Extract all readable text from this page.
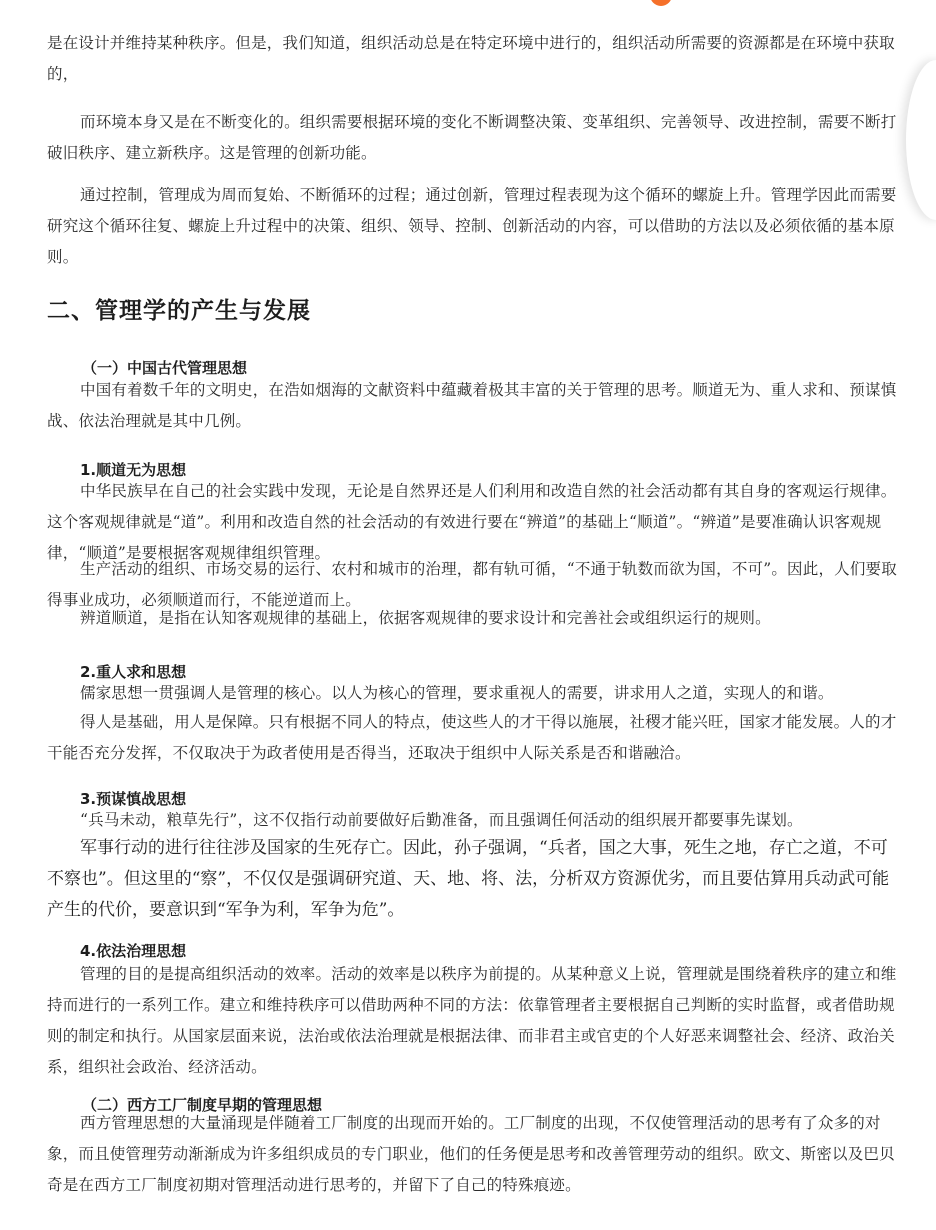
是在设计并维持某种秩序。但是，我们知道，组织活动总是在特定环境中进行的，组织活动所需要的资源都是在环境中获取的，

而环境本身又是在不断变化的。组织需要根据环境的变化不断调整决策、变革组织、完善领导、改进控制，需要不断打破旧秩序、建立新秩序。这是管理的创新功能。

通过控制，管理成为周而复始、不断循环的过程；通过创新，管理过程表现为这个循环的螺旋上升。管理学因此而需要研究这个循环往复、螺旋上升过程中的决策、组织、领导、控制、创新活动的内容，可以借助的方法以及必须依循的基本原则。

二、管理学的产生与发展
（一）中国古代管理思想

中国有着数千年的文明史，在浩如烟海的文献资料中蕴藏着极其丰富的关于管理的思考。顺道无为、重人求和、预谋慎战、依法治理就是其中几例。

1.顺道无为思想

中华民族早在自己的社会实践中发现，无论是自然界还是人们利用和改造自然的社会活动都有其自身的客观运行规律。这个客观规律就是“道”。利用和改造自然的社会活动的有效进行要在“辨道”的基础上“顺道”。“辨道”是要准确认识客观规律，“顺道”是要根据客观规律组织管理。

生产活动的组织、市场交易的运行、农村和城市的治理，都有轨可循，“不通于轨数而欲为国，不可”。因此，人们要取得事业成功，必须顺道而行，不能逆道而上。

辨道顺道，是指在认知客观规律的基础上，依据客观规律的要求设计和完善社会或组织运行的规则。

2.重人求和思想

儒家思想一贯强调人是管理的核心。以人为核心的管理，要求重视人的需要，讲求用人之道，实现人的和谐。

得人是基础，用人是保障。只有根据不同人的特点，使这些人的才干得以施展，社稷才能兴旺，国家才能发展。人的才干能否充分发挥，不仅取决于为政者使用是否得当，还取决于组织中人际关系是否和谐融洽。

3.预谋慎战思想

“兵马未动，粮草先行”，这不仅指行动前要做好后勤准备，而且强调任何活动的组织展开都要事先谋划。

军事行动的进行往往涉及国家的生死存亡。因此，孙子强调，“兵者，国之大事，死生之地，存亡之道，不可不察也”。但这里的“察”，不仅仅是强调研究道、天、地、将、法，分析双方资源优劣，而且要估算用兵动武可能产生的代价，要意识到“军争为利，军争为危”。

4.依法治理思想

管理的目的是提高组织活动的效率。活动的效率是以秩序为前提的。从某种意义上说，管理就是围绕着秩序的建立和维持而进行的一系列工作。建立和维持秩序可以借助两种不同的方法：依靠管理者主要根据自己判断的实时监督，或者借助规则的制定和执行。从国家层面来说，法治或依法治理就是根据法律、而非君主或官吏的个人好恶来调整社会、经济、政治关系，组织社会政治、经济活动。

（二）西方工厂制度早期的管理思想

西方管理思想的大量涌现是伴随着工厂制度的出现而开始的。工厂制度的出现，不仅使管理活动的思考有了众多的对象，而且使管理劳动渐渐成为许多组织成员的专门职业，他们的任务便是思考和改善管理劳动的组织。欧文、斯密以及巴贝奇是在西方工厂制度初期对管理活动进行思考的，并留下了自己的特殊痕迹。
